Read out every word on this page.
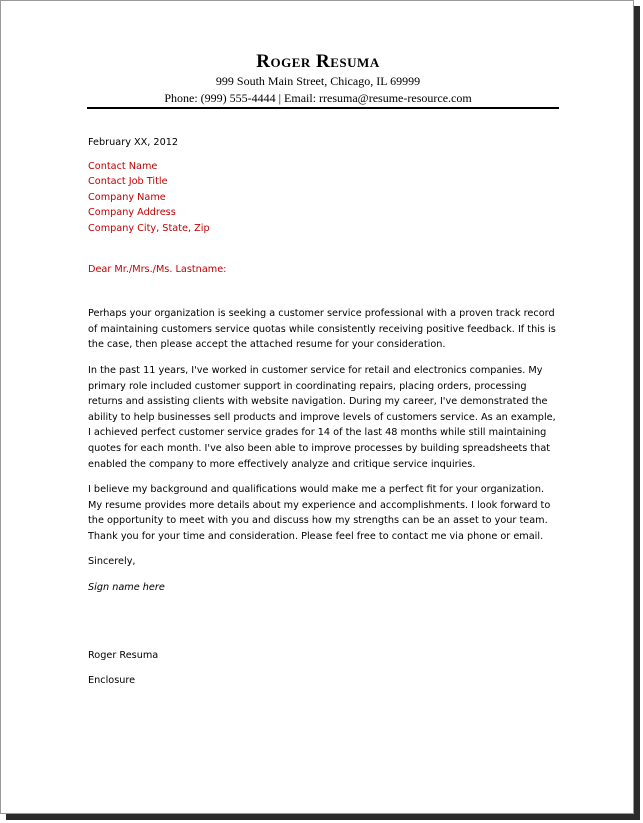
Roger Resuma
999 South Main Street, Chicago, IL 69999
Phone: (999) 555-4444 | Email: rresuma@resume-resource.com

February XX, 2012

Contact Name

Contact Job Title

Company Name

Company Address

Company City, State, Zip

Dear Mr./Mrs./Ms. Lastname:

Perhaps your organization is seeking a customer service professional with a proven track record of maintaining customers service quotas while consistently receiving positive feedback. If this is the case, then please accept the attached resume for your consideration.

In the past 11 years, I've worked in customer service for retail and electronics companies. My primary role included customer support in coordinating repairs, placing orders, processing returns and assisting clients with website navigation. During my career, I've demonstrated the ability to help businesses sell products and improve levels of customers service. As an example, I achieved perfect customer service grades for 14 of the last 48 months while still maintaining quotes for each month. I've also been able to improve processes by building spreadsheets that enabled the company to more effectively analyze and critique service inquiries.

I believe my background and qualifications would make me a perfect fit for your organization. My resume provides more details about my experience and accomplishments. I look forward to the opportunity to meet with you and discuss how my strengths can be an asset to your team. Thank you for your time and consideration. Please feel free to contact me via phone or email.

Sincerely,

Sign name here

Roger Resuma

Enclosure
